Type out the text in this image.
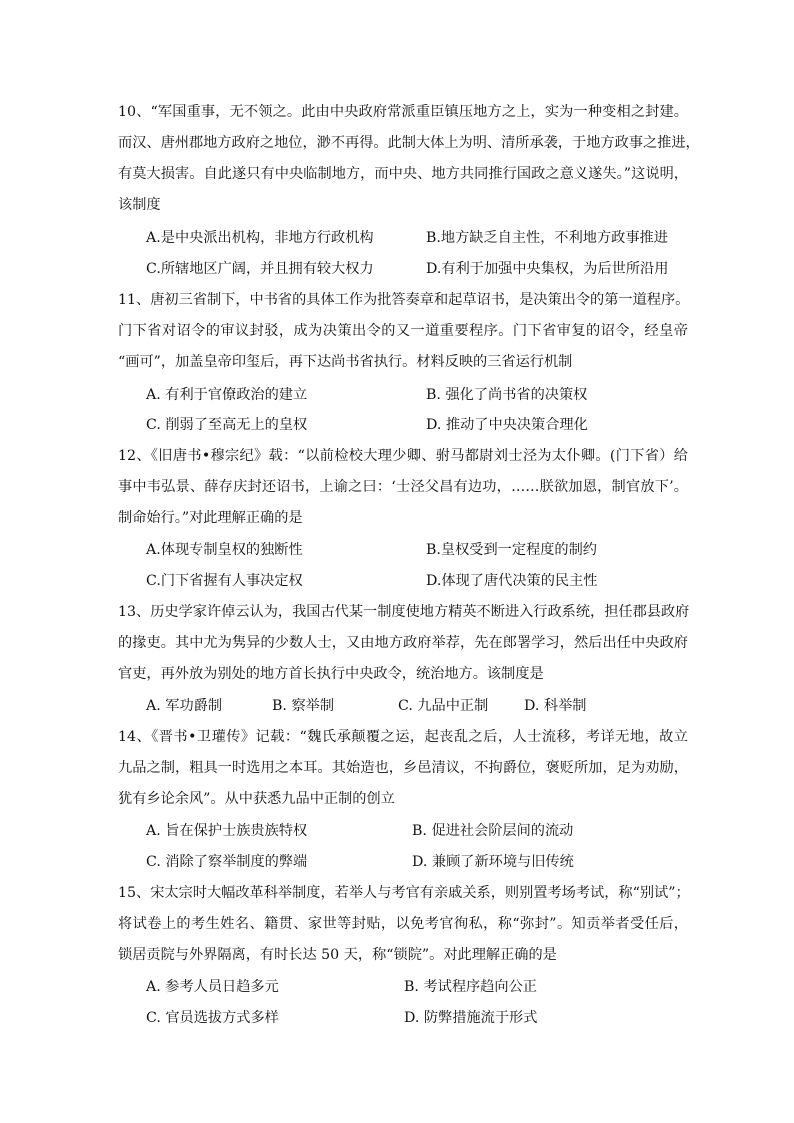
10、“军国重事，无不领之。此由中央政府常派重臣镇压地方之上，实为一种变相之封建。
而汉、唐州郡地方政府之地位，渺不再得。此制大体上为明、清所承袭，于地方政事之推进，
有莫大损害。自此遂只有中央临制地方，而中央、地方共同推行国政之意义遂失。”这说明，
该制度
A.是中央派出机构，非地方行政机构	B.地方缺乏自主性，不利地方政事推进
C.所辖地区广阔，并且拥有较大权力	D.有利于加强中央集权，为后世所沿用
11、唐初三省制下，中书省的具体工作为批答奏章和起草诏书，是决策出令的第一道程序。
门下省对诏令的审议封驳，成为决策出令的又一道重要程序。门下省审复的诏令，经皇帝
“画可”，加盖皇帝印玺后，再下达尚书省执行。材料反映的三省运行机制
A. 有利于官僚政治的建立	B. 强化了尚书省的决策权
C. 削弱了至高无上的皇权	D. 推动了中央决策合理化
12、《旧唐书•穆宗纪》载：“以前检校大理少卿、驸马都尉刘士泾为太仆卿。(门下省）给
事中韦弘景、薛存庆封还诏书，上谕之曰：‘士泾父昌有边功，……朕欲加恩，制官放下’。
制命始行。”对此理解正确的是
A.体现专制皇权的独断性	B.皇权受到一定程度的制约
C.门下省握有人事决定权	D.体现了唐代决策的民主性
13、历史学家许倬云认为，我国古代某一制度使地方精英不断进入行政系统，担任郡县政府
的掾吏。其中尤为隽异的少数人士，又由地方政府举荐，先在郎署学习，然后出任中央政府
官吏，再外放为别处的地方首长执行中央政令，统治地方。该制度是
A. 军功爵制	B. 察举制	C. 九品中正制	D. 科举制
14、《晋书•卫瓘传》记载：“魏氏承颠覆之运，起丧乱之后，人士流移，考详无地，故立
九品之制，粗具一时选用之本耳。其始造也，乡邑清议，不拘爵位，褒贬所加，足为劝励，
犹有乡论余风”。从中获悉九品中正制的创立
A. 旨在保护士族贵族特权	B. 促进社会阶层间的流动
C. 消除了察举制度的弊端	D. 兼顾了新环境与旧传统
15、宋太宗时大幅改革科举制度，若举人与考官有亲戚关系，则别置考场考试，称“别试”；
将试卷上的考生姓名、籍贯、家世等封贴，以免考官徇私，称“弥封”。知贡举者受任后，
锁居贡院与外界隔离，有时长达 50 天，称“锁院”。对此理解正确的是
A. 参考人员日趋多元	B. 考试程序趋向公正
C. 官员选拔方式多样	D. 防弊措施流于形式
